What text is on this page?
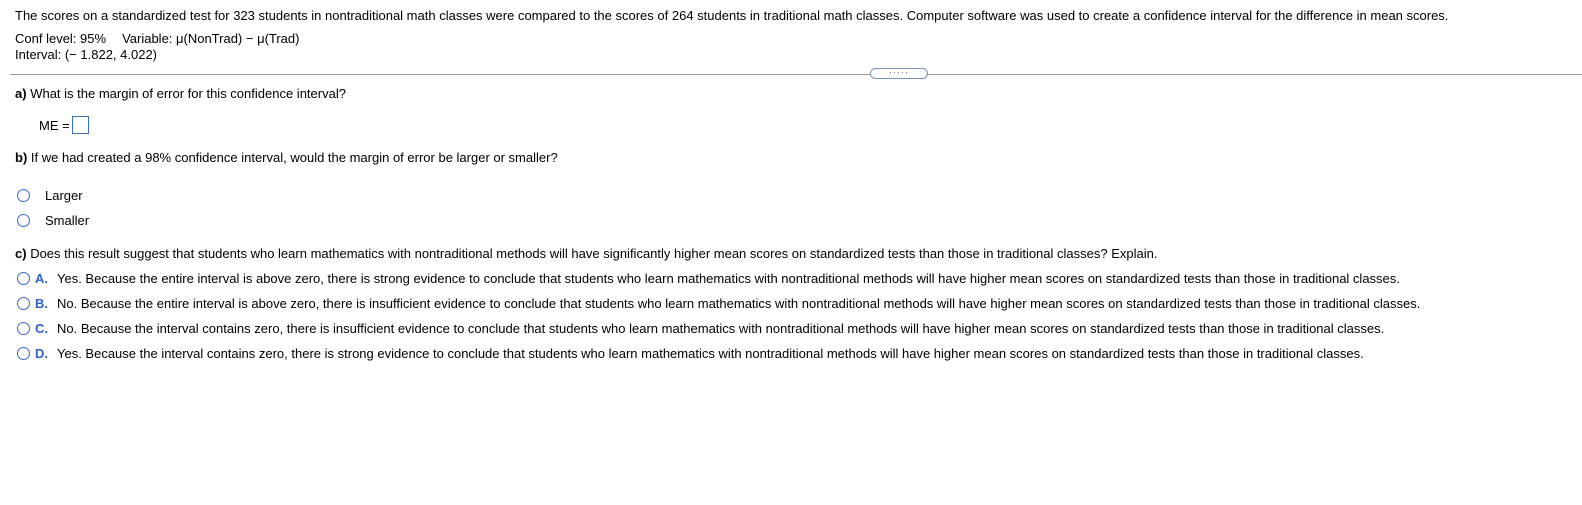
The scores on a standardized test for 323 students in nontraditional math classes were compared to the scores of 264 students in traditional math classes. Computer software was used to create a confidence interval for the difference in mean scores.
Conf level: 95% Variable: μ(NonTrad) − μ(Trad)
Interval: (− 1.822, 4.022)
·····
a) What is the margin of error for this confidence interval?
ME =
b) If we had created a 98% confidence interval, would the margin of error be larger or smaller?
Larger
Smaller
c) Does this result suggest that students who learn mathematics with nontraditional methods will have significantly higher mean scores on standardized tests than those in traditional classes? Explain.
A. Yes. Because the entire interval is above zero, there is strong evidence to conclude that students who learn mathematics with nontraditional methods will have higher mean scores on standardized tests than those in traditional classes.
B. No. Because the entire interval is above zero, there is insufficient evidence to conclude that students who learn mathematics with nontraditional methods will have higher mean scores on standardized tests than those in traditional classes.
C. No. Because the interval contains zero, there is insufficient evidence to conclude that students who learn mathematics with nontraditional methods will have higher mean scores on standardized tests than those in traditional classes.
D. Yes. Because the interval contains zero, there is strong evidence to conclude that students who learn mathematics with nontraditional methods will have higher mean scores on standardized tests than those in traditional classes.
